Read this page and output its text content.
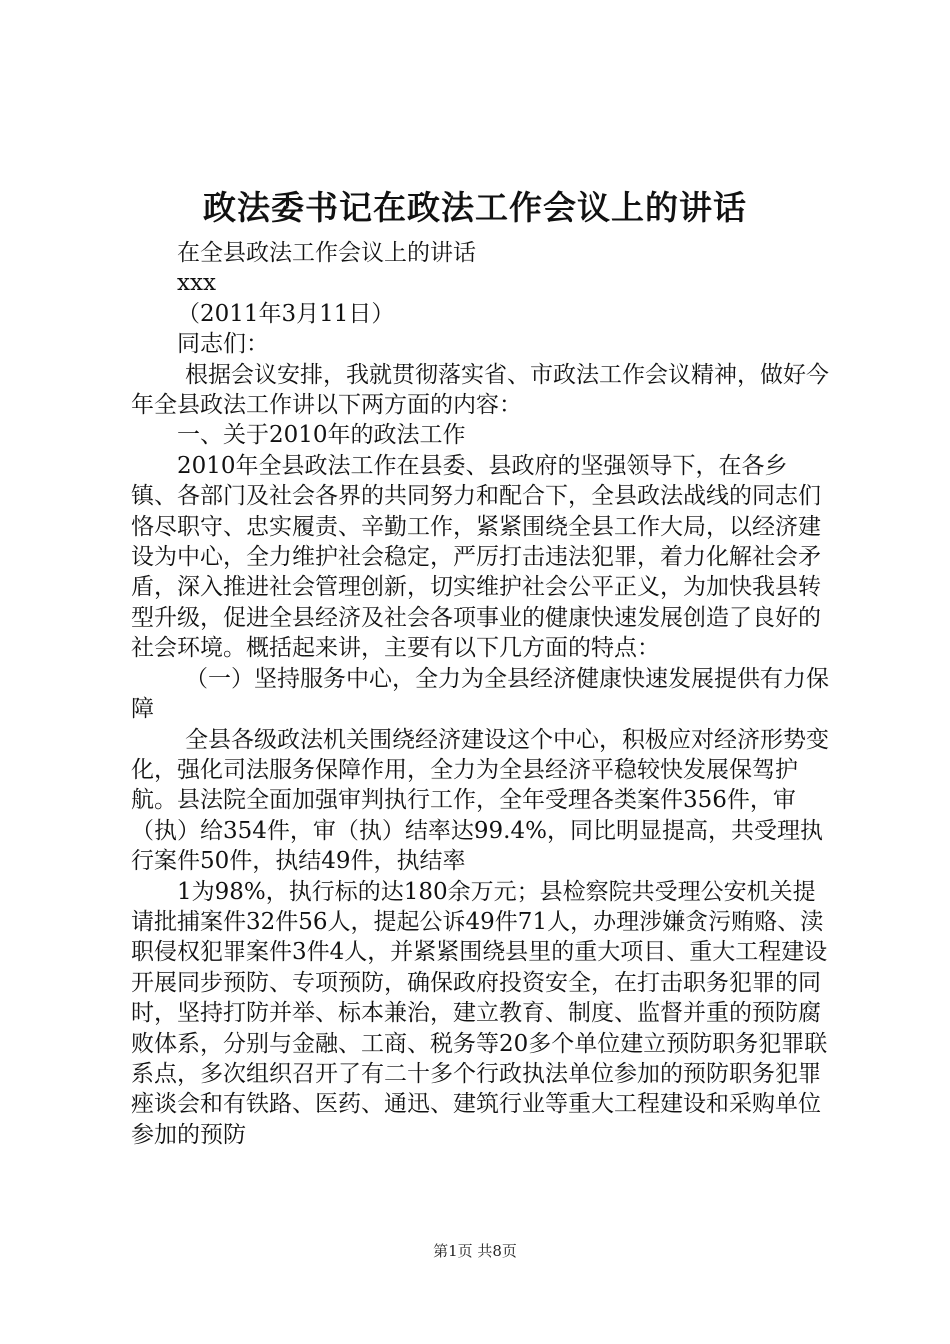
政法委书记在政法工作会议上的讲话

在全县政法工作会议上的讲话

xxx

（2011年3月11日）

同志们：

根据会议安排，我就贯彻落实省、市政法工作会议精神，做好今年全县政法工作讲以下两方面的内容：

一、关于2010年的政法工作

2010年全县政法工作在县委、县政府的坚强领导下，在各乡镇、各部门及社会各界的共同努力和配合下，全县政法战线的同志们恪尽职守、忠实履责、辛勤工作，紧紧围绕全县工作大局，以经济建设为中心，全力维护社会稳定，严厉打击违法犯罪，着力化解社会矛盾，深入推进社会管理创新，切实维护社会公平正义，为加快我县转型升级，促进全县经济及社会各项事业的健康快速发展创造了良好的社会环境。概括起来讲，主要有以下几方面的特点：

（一）坚持服务中心，全力为全县经济健康快速发展提供有力保障

全县各级政法机关围绕经济建设这个中心，积极应对经济形势变化，强化司法服务保障作用，全力为全县经济平稳较快发展保驾护航。县法院全面加强审判执行工作，全年受理各类案件356件，审（执）给354件，审（执）结率达99.4%，同比明显提高，共受理执行案件50件，执结49件，执结率

1为98%，执行标的达180余万元；县检察院共受理公安机关提请批捕案件32件56人，提起公诉49件71人，办理涉嫌贪污贿赂、渎职侵权犯罪案件3件4人，并紧紧围绕县里的重大项目、重大工程建设开展同步预防、专项预防，确保政府投资安全，在打击职务犯罪的同时，坚持打防并举、标本兼治，建立教育、制度、监督并重的预防腐败体系，分别与金融、工商、税务等20多个单位建立预防职务犯罪联系点，多次组织召开了有二十多个行政执法单位参加的预防职务犯罪痤谈会和有铁路、医药、通迅、建筑行业等重大工程建设和采购单位参加的预防

第1页 共8页
